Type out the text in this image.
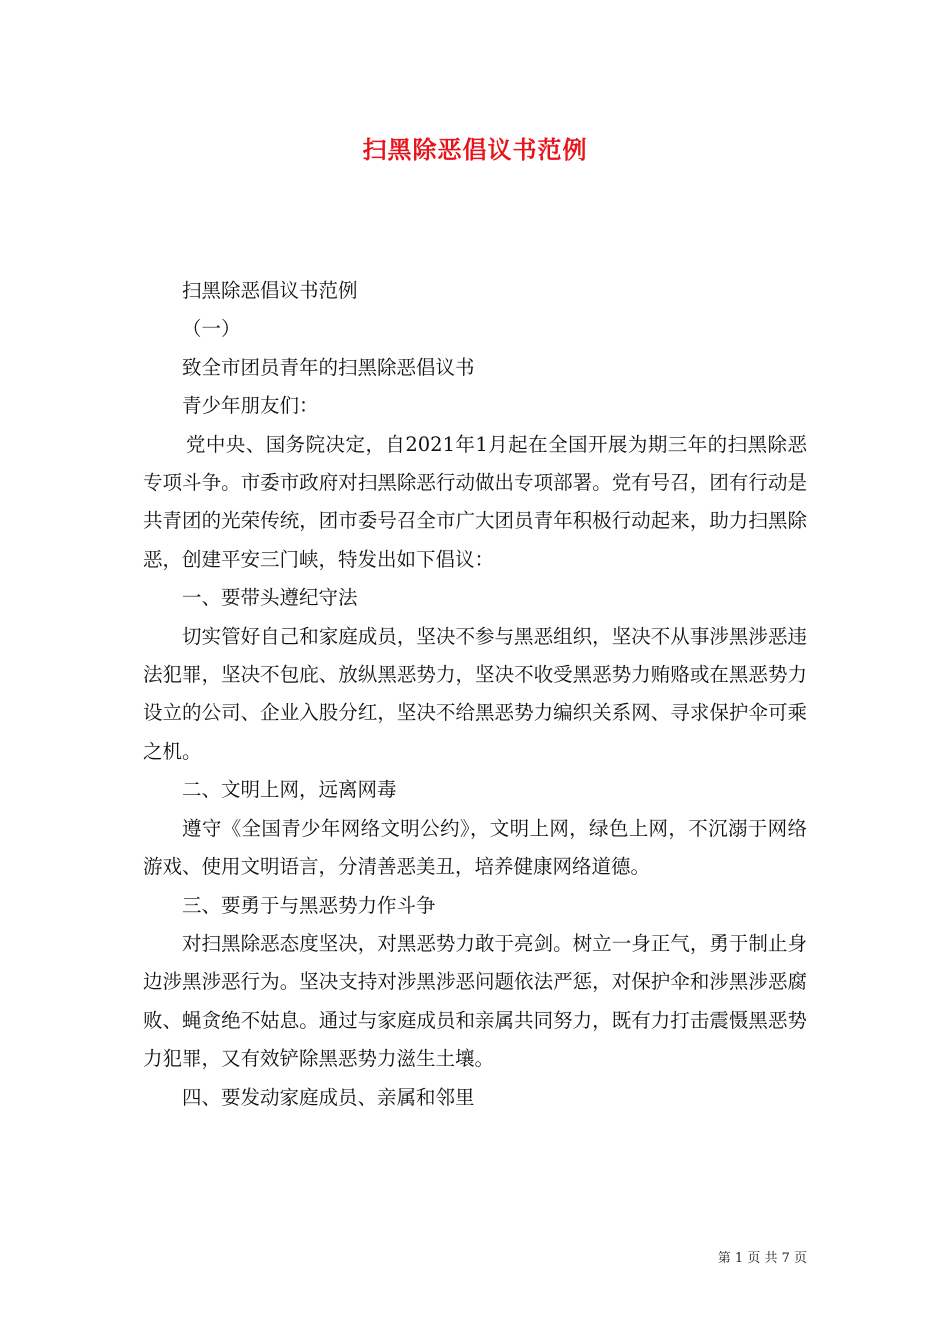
扫黑除恶倡议书范例

扫黑除恶倡议书范例

（一）

致全市团员青年的扫黑除恶倡议书

青少年朋友们：

党中央、国务院决定，自2021年1月起在全国开展为期三年的扫黑除恶专项斗争。市委市政府对扫黑除恶行动做出专项部署。党有号召，团有行动是共青团的光荣传统，团市委号召全市广大团员青年积极行动起来，助力扫黑除恶，创建平安三门峡，特发出如下倡议：

一、要带头遵纪守法

切实管好自己和家庭成员，坚决不参与黑恶组织，坚决不从事涉黑涉恶违法犯罪，坚决不包庇、放纵黑恶势力，坚决不收受黑恶势力贿赂或在黑恶势力设立的公司、企业入股分红，坚决不给黑恶势力编织关系网、寻求保护伞可乘之机。

二、文明上网，远离网毒

遵守《全国青少年网络文明公约》，文明上网，绿色上网，不沉溺于网络游戏、使用文明语言，分清善恶美丑，培养健康网络道德。

三、要勇于与黑恶势力作斗争

对扫黑除恶态度坚决，对黑恶势力敢于亮剑。树立一身正气，勇于制止身边涉黑涉恶行为。坚决支持对涉黑涉恶问题依法严惩，对保护伞和涉黑涉恶腐败、蝇贪绝不姑息。通过与家庭成员和亲属共同努力，既有力打击震慑黑恶势力犯罪，又有效铲除黑恶势力滋生土壤。

四、要发动家庭成员、亲属和邻里

第 1 页 共 7 页
